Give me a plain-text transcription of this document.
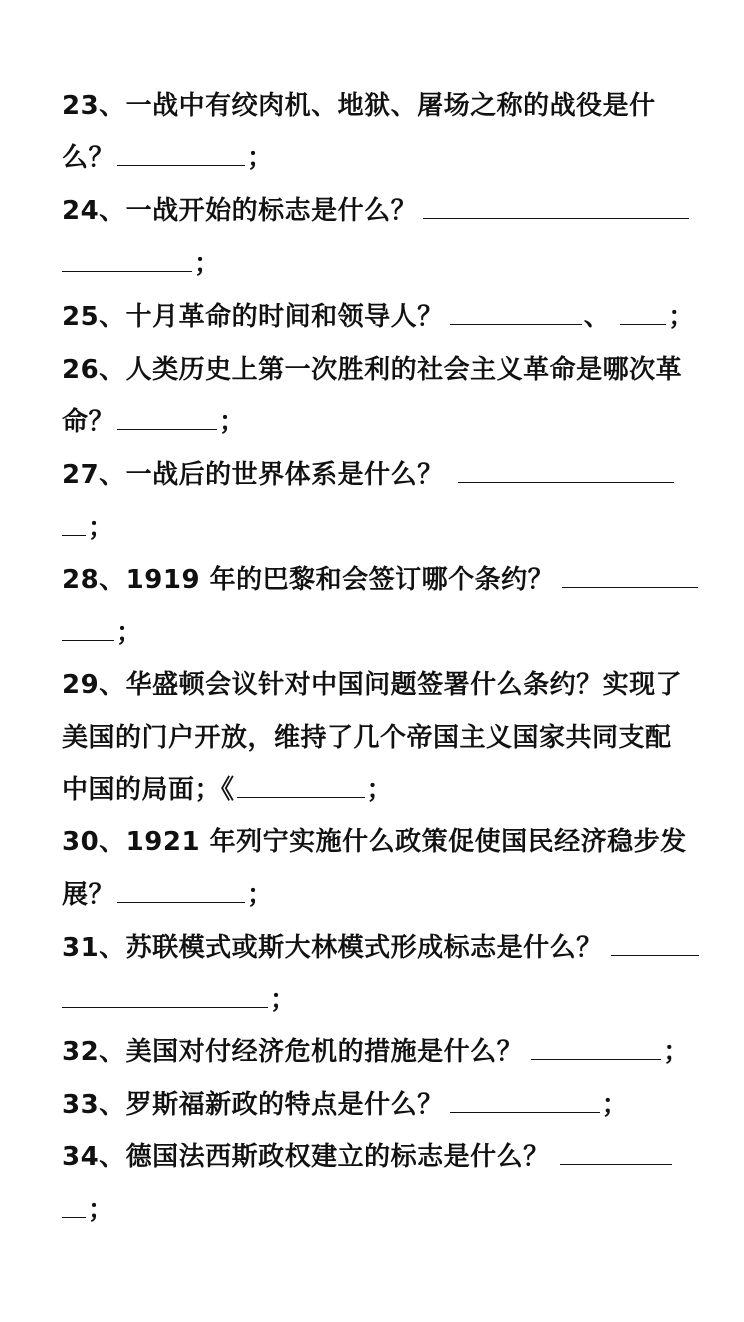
23、一战中有绞肉机、地狱、屠场之称的战役是什
么？	；
24、一战开始的标志是什么？
；
25、十月革命的时间和领导人？	、 ；
26、人类历史上第一次胜利的社会主义革命是哪次革
命？	；
27、一战后的世界体系是什么？
；
28、1919 年的巴黎和会签订哪个条约？
；
29、华盛顿会议针对中国问题签署什么条约？实现了
美国的门户开放，维持了几个帝国主义国家共同支配
中国的局面；《	；
30、1921 年列宁实施什么政策促使国民经济稳步发
展？	；
31、苏联模式或斯大林模式形成标志是什么？
；
32、美国对付经济危机的措施是什么？	；
33、罗斯福新政的特点是什么？	；
34、德国法西斯政权建立的标志是什么？
；
